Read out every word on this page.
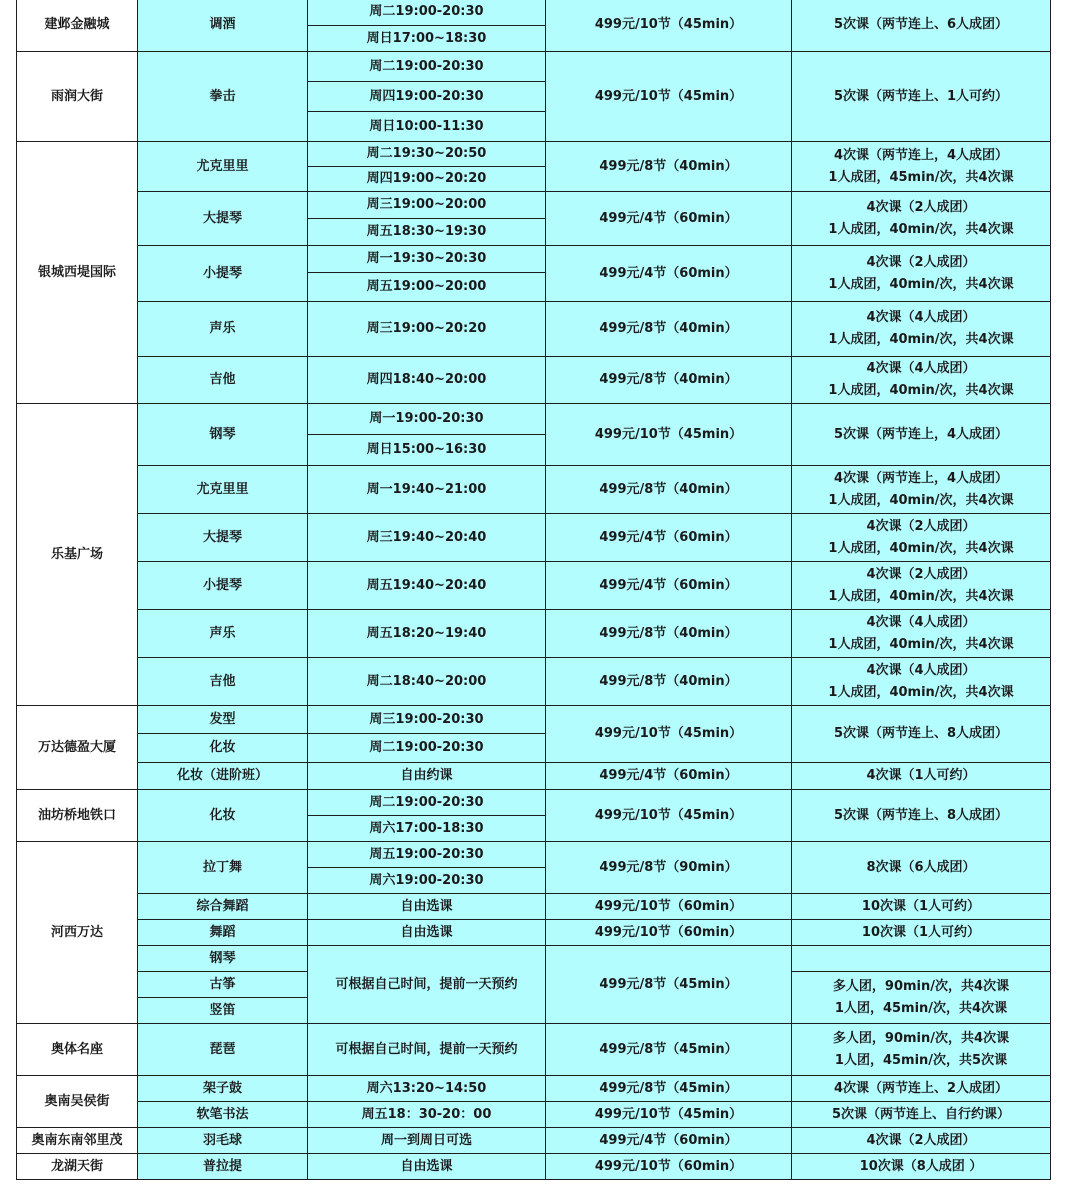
建邺金融城	调酒	周二19:00-20:30	499元/10节（45min）	5次课（两节连上、6人成团）

		周日17:00~18:30		
雨润大街	拳击	周二19:00-20:30	499元/10节（45min）	5次课（两节连上、1人可约）

		周四19:00-20:30		
		周日10:00-11:30		
银城西堤国际	尤克里里	周二19:30~20:50	499元/8节（40min）	4次课（两节连上，4人成团）
1人成团，45min/次，共4次课

		周四19:00~20:20		
	大提琴	周三19:00~20:00	499元/4节（60min）	4次课（2人成团）
1人成团，40min/次，共4次课

		周五18:30~19:30		
	小提琴	周一19:30~20:30	499元/4节（60min）	4次课（2人成团）
1人成团，40min/次，共4次课

		周五19:00~20:00		
	声乐	周三19:00~20:20	499元/8节（40min）	4次课（4人成团）
1人成团，40min/次，共4次课

	吉他	周四18:40~20:00	499元/8节（40min）	4次课（4人成团）
1人成团，40min/次，共4次课

乐基广场	钢琴	周一19:00-20:30	499元/10节（45min）	5次课（两节连上，4人成团）

		周日15:00~16:30		
	尤克里里	周一19:40~21:00	499元/8节（40min）	4次课（两节连上，4人成团）
1人成团，40min/次，共4次课

	大提琴	周三19:40~20:40	499元/4节（60min）	4次课（2人成团）
1人成团，40min/次，共4次课

	小提琴	周五19:40~20:40	499元/4节（60min）	4次课（2人成团）
1人成团，40min/次，共4次课

	声乐	周五18:20~19:40	499元/8节（40min）	4次课（4人成团）
1人成团，40min/次，共4次课

	吉他	周二18:40~20:00	499元/8节（40min）	4次课（4人成团）
1人成团，40min/次，共4次课

万达德盈大厦	发型	周三19:00-20:30	499元/10节（45min）	5次课（两节连上、8人成团）
	化妆	周二19:00-20:30		
	化妆（进阶班）	自由约课	499元/4节（60min）	4次课（1人可约）

油坊桥地铁口	化妆	周二19:00-20:30	499元/10节（45min）	5次课（两节连上、8人成团）

		周六17:00-18:30		
河西万达	拉丁舞	周五19:00-20:30	499元/8节（90min）	8次课（6人成团）

		周六19:00-20:30		
	综合舞蹈	自由选课	499元/10节（60min）	10次课（1人可约）

	舞蹈	自由选课	499元/10节（60min）	10次课（1人可约）

	钢琴	可根据自己时间，提前一天预约	499元/8节（45min）	
	古筝			多人团，90min/次，共4次课
1人团，45min/次，共4次课

	竖笛			
奥体名座	琵琶	可根据自己时间，提前一天预约	499元/8节（45min）	多人团，90min/次，共4次课
1人团，45min/次，共5次课

奥南吴侯街	架子鼓	周六13:20~14:50	499元/8节（45min）	4次课（两节连上、2人成团）

	软笔书法	周五18：30-20：00	499元/10节（45min）	5次课（两节连上、自行约课）

奥南东南邻里茂	羽毛球	周一到周日可选	499元/4节（60min）	4次课（2人成团）

龙湖天街	普拉提	自由选课	499元/10节（60min）	10次课（8人成团 ）
